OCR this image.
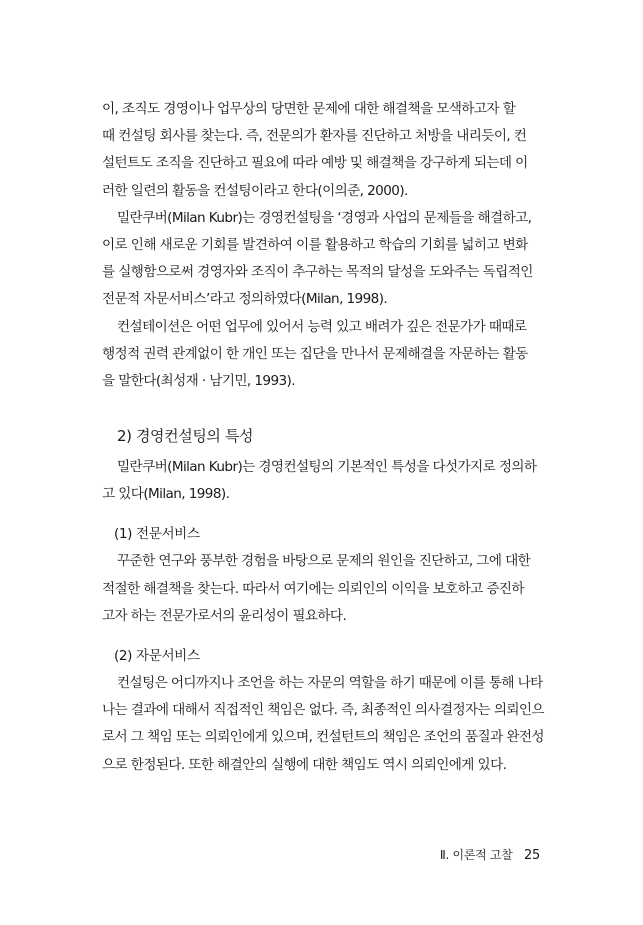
이, 조직도 경영이나 업무상의 당면한 문제에 대한 해결책을 모색하고자 할
때 컨설팅 회사를 찾는다. 즉, 전문의가 환자를 진단하고 처방을 내리듯이, 컨
설턴트도 조직을 진단하고 필요에 따라 예방 및 해결책을 강구하게 되는데 이
러한 일련의 활동을 컨설팅이라고 한다(이의준, 2000).

밀란쿠버(Milan Kubr)는 경영컨설팅을 ‘경영과 사업의 문제들을 해결하고,
이로 인해 새로운 기회를 발견하여 이를 활용하고 학습의 기회를 넓히고 변화
를 실행함으로써 경영자와 조직이 추구하는 목적의 달성을 도와주는 독립적인
전문적 자문서비스’라고 정의하였다(Milan, 1998).

컨설테이션은 어떤 업무에 있어서 능력 있고 배려가 깊은 전문가가 때때로
행정적 권력 관계없이 한 개인 또는 집단을 만나서 문제해결을 자문하는 활동
을 말한다(최성재 · 남기민, 1993).

2) 경영컨설팅의 특성

밀란쿠버(Milan Kubr)는 경영컨설팅의 기본적인 특성을 다섯가지로 정의하
고 있다(Milan, 1998).

(1) 전문서비스

꾸준한 연구와 풍부한 경험을 바탕으로 문제의 원인을 진단하고, 그에 대한
적절한 해결책을 찾는다. 따라서 여기에는 의뢰인의 이익을 보호하고 증진하
고자 하는 전문가로서의 윤리성이 필요하다.

(2) 자문서비스

컨설팅은 어디까지나 조언을 하는 자문의 역할을 하기 때문에 이를 통해 나타
나는 결과에 대해서 직접적인 책임은 없다. 즉, 최종적인 의사결정자는 의뢰인으
로서 그 책임 또는 의뢰인에게 있으며, 컨설턴트의 책임은 조언의 품질과 완전성
으로 한정된다. 또한 해결안의 실행에 대한 책임도 역시 의뢰인에게 있다.

Ⅱ. 이론적 고찰 25
